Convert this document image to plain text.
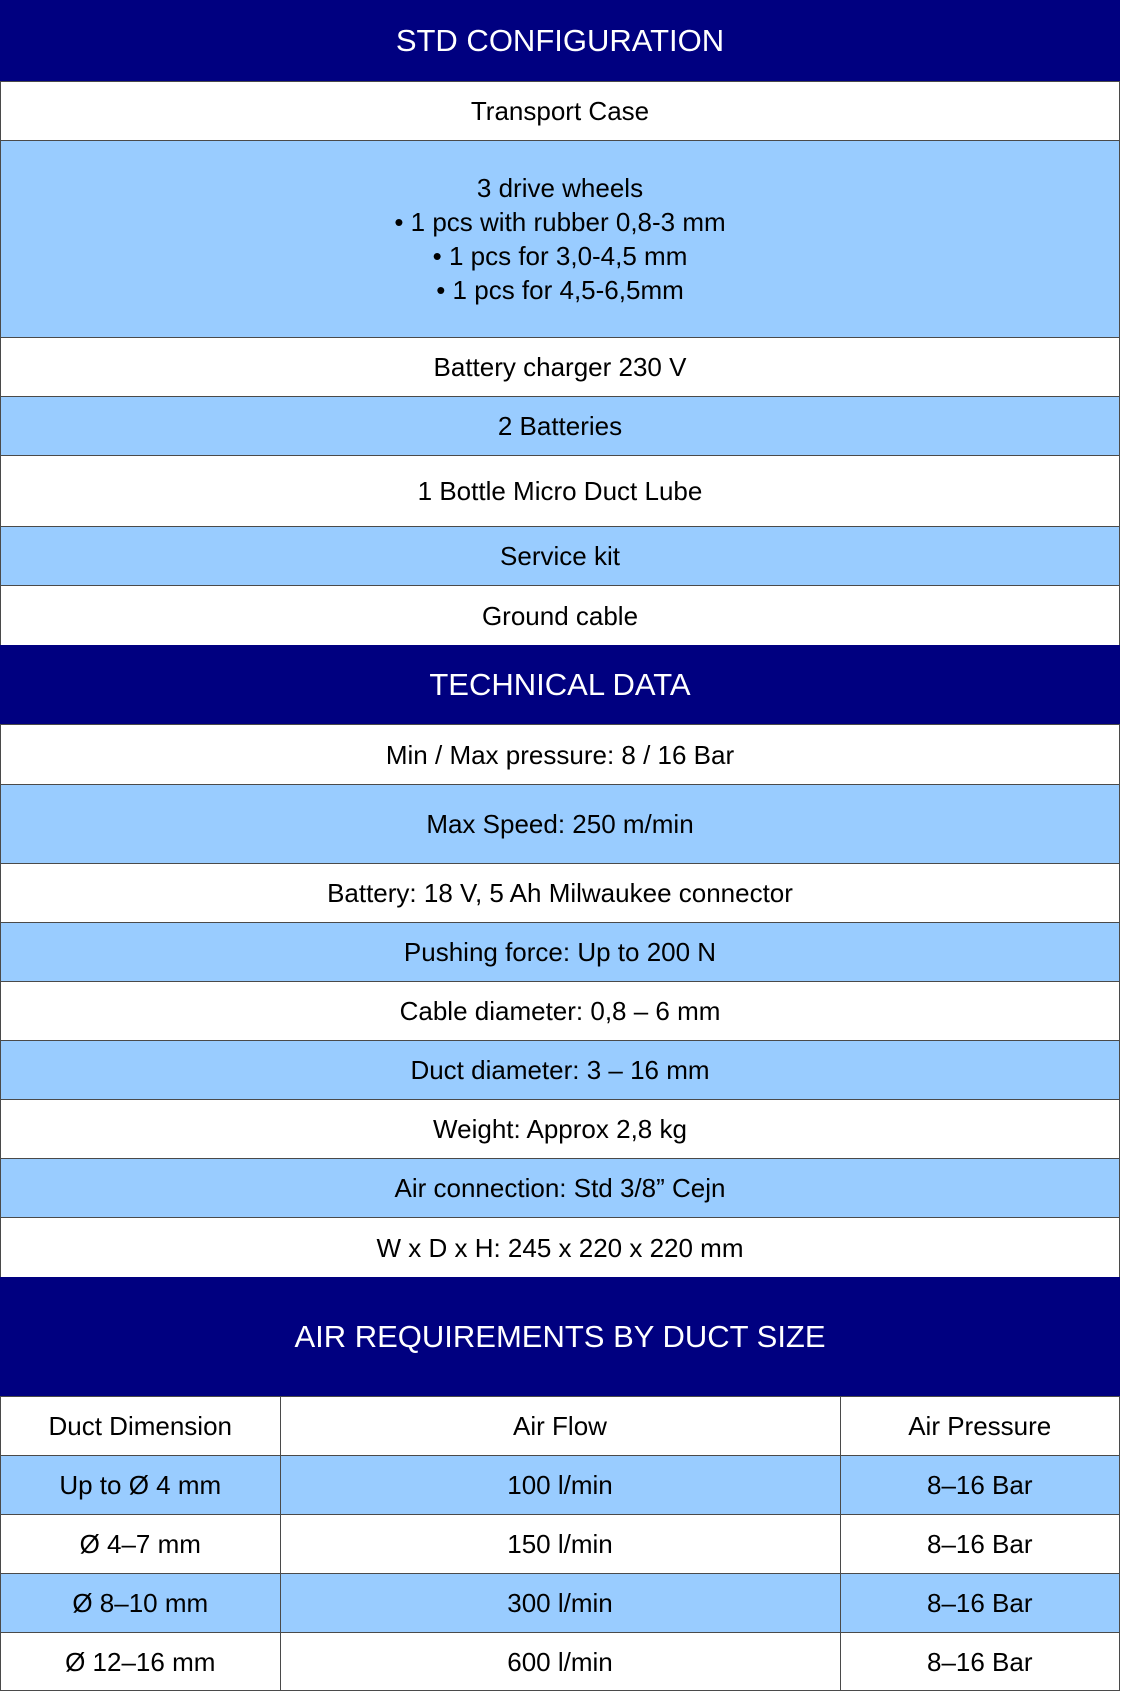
STD CONFIGURATION
Transport Case
3 drive wheels
• 1 pcs with rubber 0,8-3 mm
• 1 pcs for 3,0-4,5 mm
• 1 pcs for 4,5-6,5mm
Battery charger 230 V
2 Batteries
1 Bottle Micro Duct Lube
Service kit
Ground cable
TECHNICAL DATA
Min / Max pressure: 8 / 16 Bar
Max Speed: 250 m/min
Battery: 18 V, 5 Ah Milwaukee connector
Pushing force: Up to 200 N
Cable diameter: 0,8 – 6 mm
Duct diameter: 3 – 16 mm
Weight: Approx 2,8 kg
Air connection: Std 3/8” Cejn
W x D x H: 245 x 220 x 220 mm
AIR REQUIREMENTS BY DUCT SIZE
Duct Dimension	Air Flow	Air Pressure
Up to Ø 4 mm	100 l/min	8–16 Bar
Ø 4–7 mm	150 l/min	8–16 Bar
Ø 8–10 mm	300 l/min	8–16 Bar
Ø 12–16 mm	600 l/min	8–16 Bar
